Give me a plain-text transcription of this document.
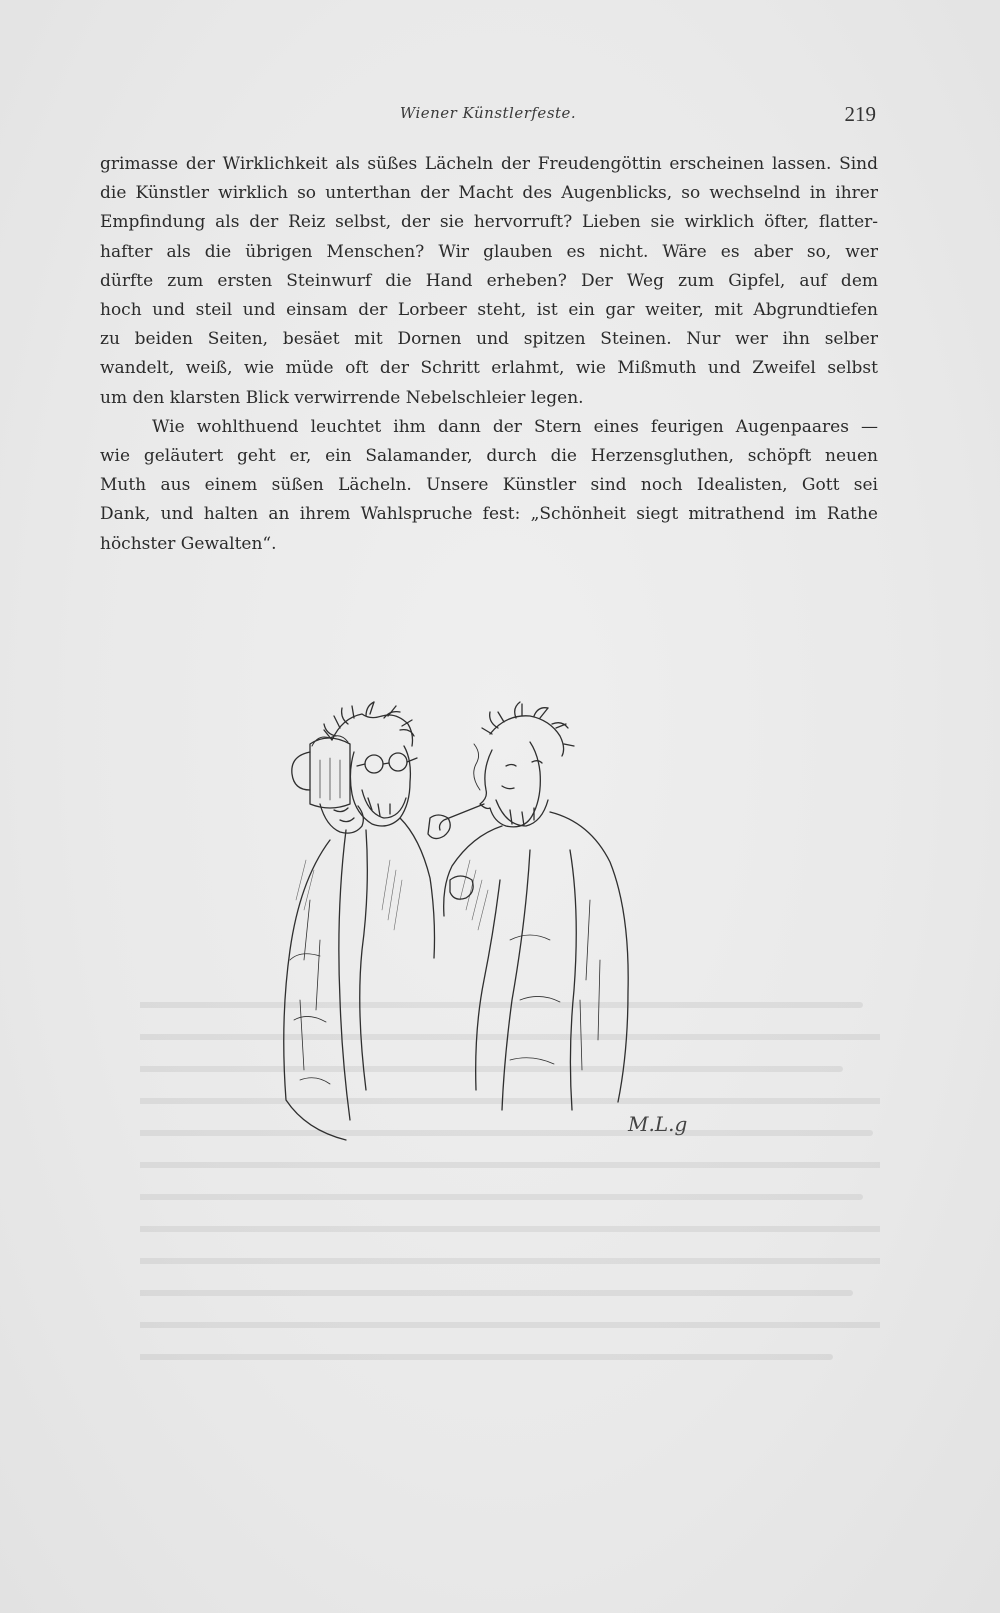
Wiener Künstlerfeste.	219
grimasse der Wirklichkeit als süßes Lächeln der Freudengöttin erscheinen lassen. Sind
die Künstler wirklich so unterthan der Macht des Augenblicks, so wechselnd in ihrer
Empfindung als der Reiz selbst, der sie hervorruft? Lieben sie wirklich öfter, flatter-
hafter als die übrigen Menschen? Wir glauben es nicht. Wäre es aber so, wer
dürfte zum ersten Steinwurf die Hand erheben? Der Weg zum Gipfel, auf dem
hoch und steil und einsam der Lorbeer steht, ist ein gar weiter, mit Abgrundtiefen
zu beiden Seiten, besäet mit Dornen und spitzen Steinen. Nur wer ihn selber
wandelt, weiß, wie müde oft der Schritt erlahmt, wie Mißmuth und Zweifel selbst
um den klarsten Blick verwirrende Nebelschleier legen.
Wie wohlthuend leuchtet ihm dann der Stern eines feurigen Augenpaares —
wie geläutert geht er, ein Salamander, durch die Herzensgluthen, schöpft neuen
Muth aus einem süßen Lächeln. Unsere Künstler sind noch Idealisten, Gott sei
Dank, und halten an ihrem Wahlspruche fest: „Schönheit siegt mitrathend im Rathe
höchster Gewalten“.
M.L.g
